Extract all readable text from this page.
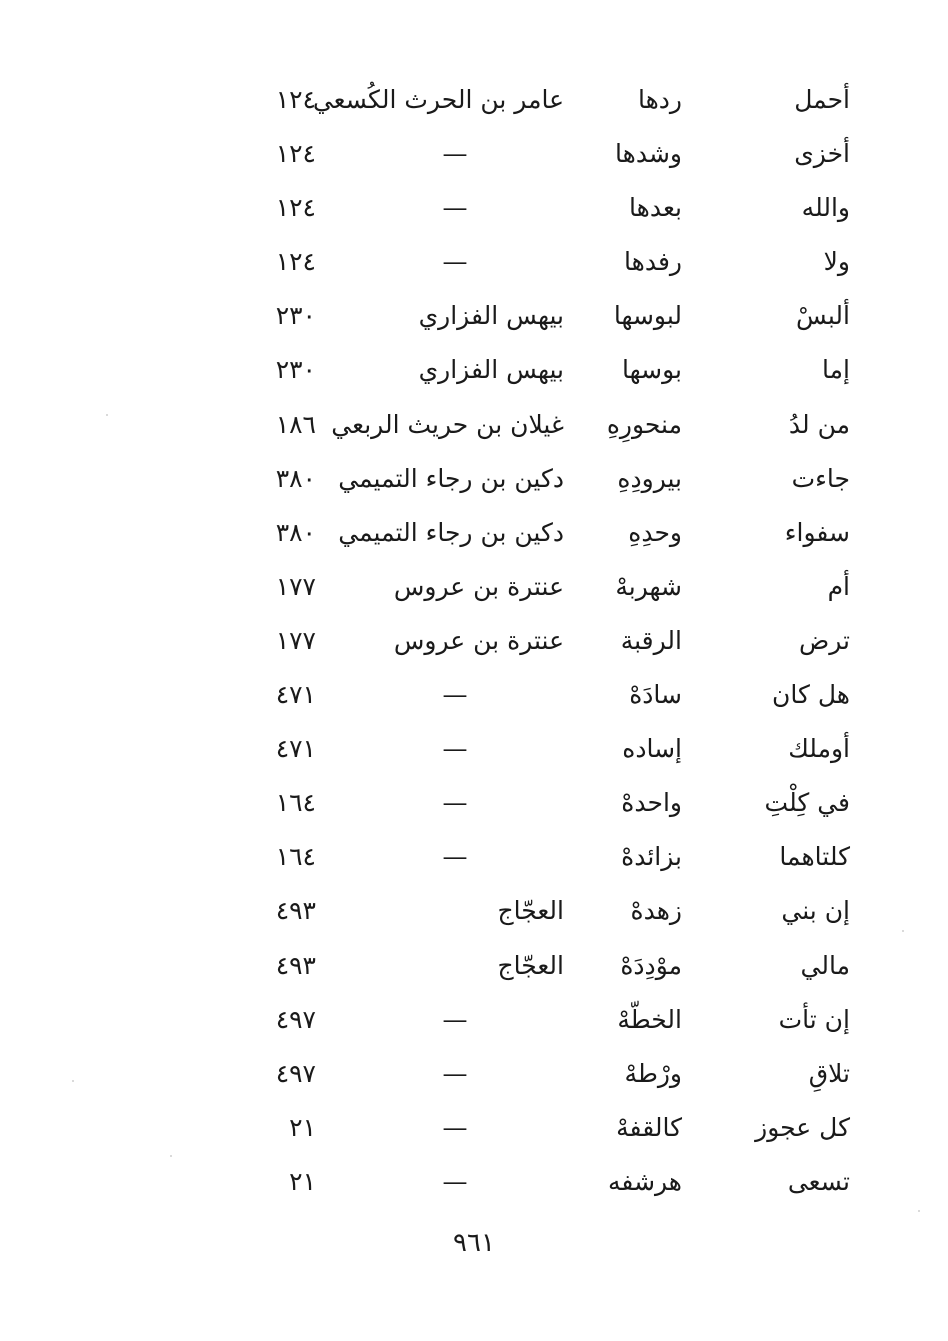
أحمل
ردها
عامر بن الحرث الكُسعي
١٢٤
أخزى
وشدها
—
١٢٤
والله
بعدها
—
١٢٤
ولا
رفدها
—
١٢٤
ألبسْ
لبوسها
بيهس الفزاري
٢٣٠
إما
بوسها
بيهس الفزاري
٢٣٠
من لدُ
منحورِهِ
غيلان بن حريث الربعي
١٨٦
جاءت
بيرودِهِ
دكين بن رجاء التميمي
٣٨٠
سفواء
وحدِهِ
دكين بن رجاء التميمي
٣٨٠
أم
شهربهْ
عنترة بن عروس
١٧٧
ترض
الرقبة
عنترة بن عروس
١٧٧
هل كان
سادَهْ
—
٤٧١
أوملك
إساده
—
٤٧١
في كِلْتِ
واحدهْ
—
١٦٤
كلتاهما
بزائدهْ
—
١٦٤
إن بني
زهدهْ
العجّاج
٤٩٣
مالي
موْدِدَهْ
العجّاج
٤٩٣
إن تأت
الخطّهْ
—
٤٩٧
تلاقِ
ورْطهْ
—
٤٩٧
كل عجوز
كالقفهْ
—
٢١
تسعى
هرشفه
—
٢١
٩٦١
